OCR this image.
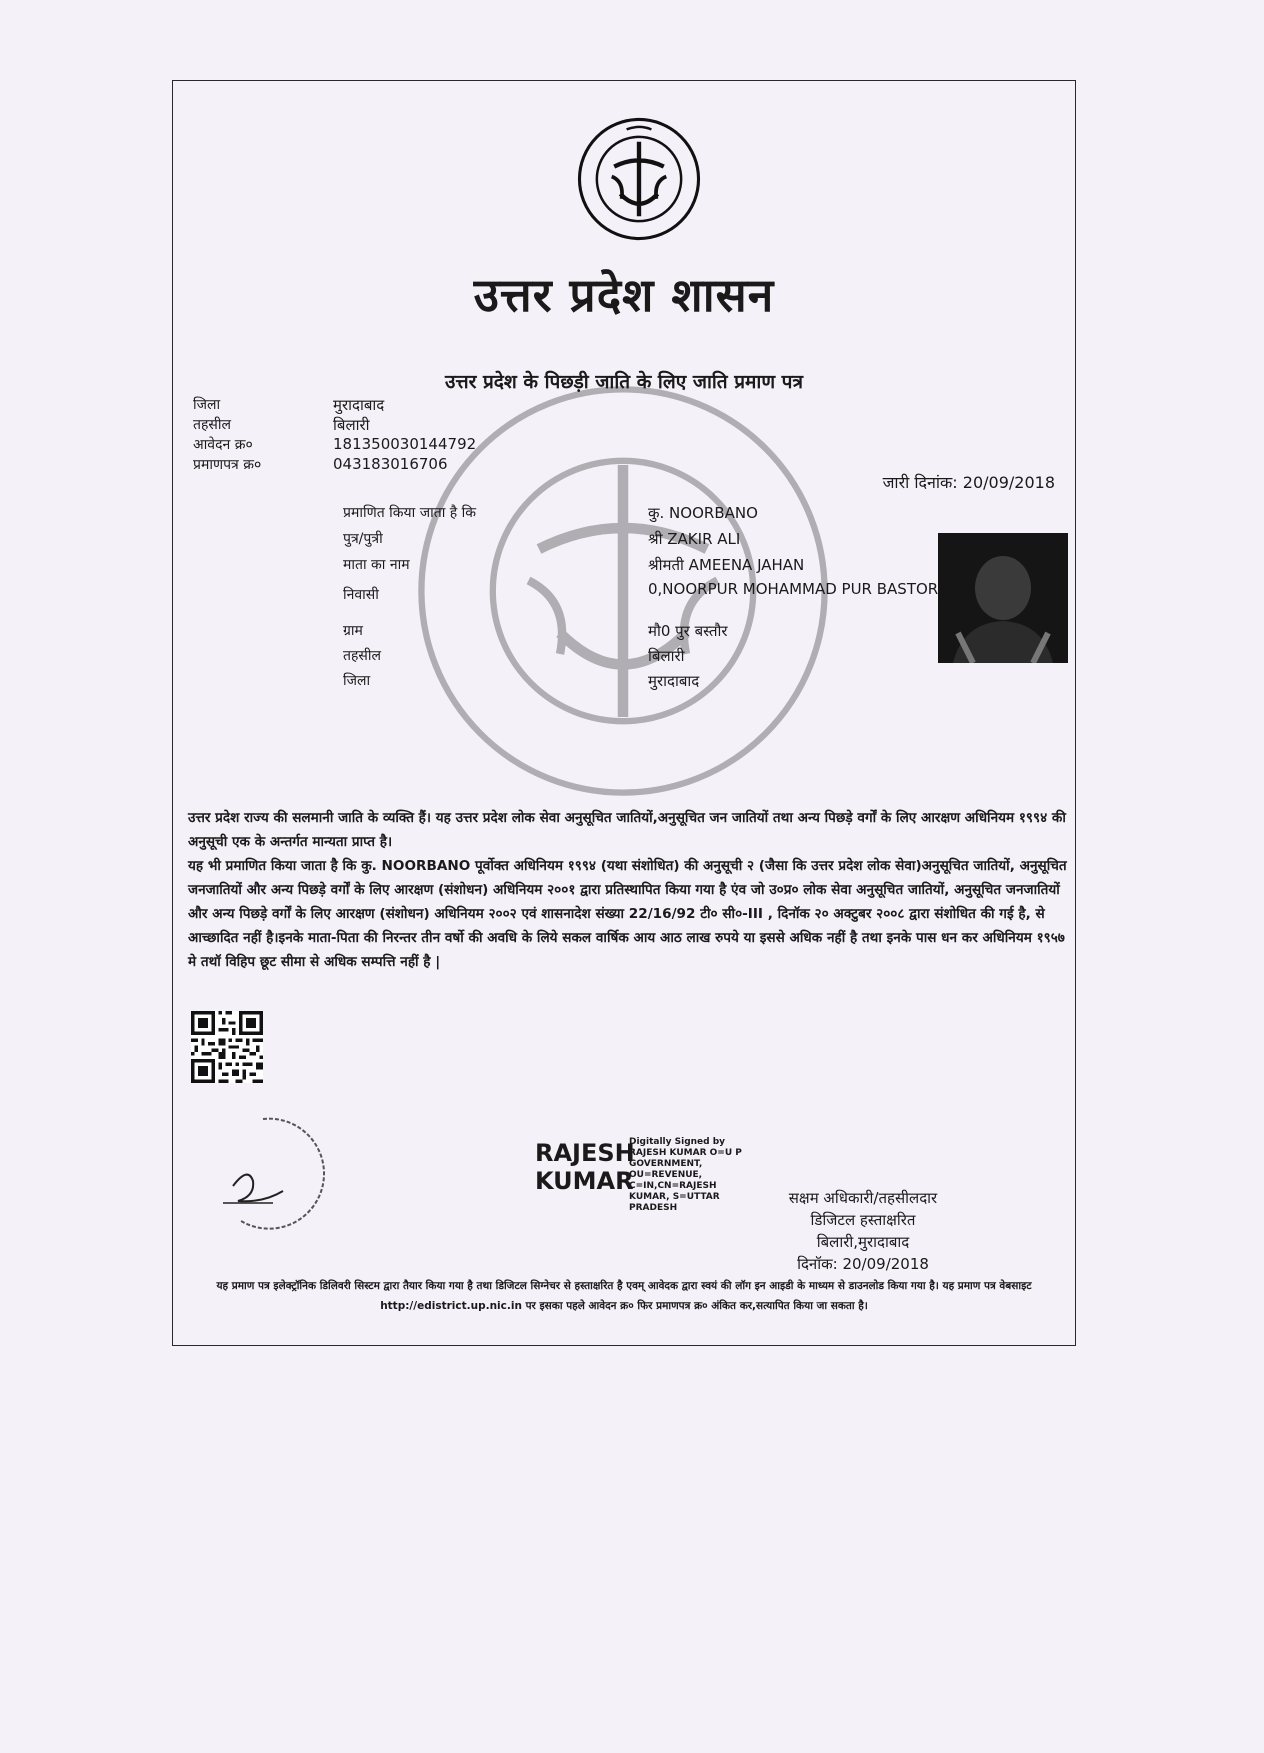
उत्तर प्रदेश शासन
उत्तर प्रदेश के पिछड़ी जाति के लिए जाति प्रमाण पत्र
जिला	मुरादाबाद
तहसील	बिलारी
आवेदन क्र०	181350030144792
प्रमाणपत्र क्र०	043183016706
जारी दिनांक: 20/09/2018
प्रमाणित किया जाता है कि	कु. NOORBANO
पुत्र/पुत्री	श्री ZAKIR ALI
माता का नाम	श्रीमती AMEENA JAHAN
निवासी	0,NOORPUR MOHAMMAD PUR BASTOR
ग्राम	मौ0 पुर बस्तौर
तहसील	बिलारी
जिला	मुरादाबाद
उत्तर प्रदेश राज्य की सलमानी जाति के व्यक्ति हैं। यह उत्तर प्रदेश लोक सेवा अनुसूचित जातियों,अनुसूचित जन जातियों तथा अन्य पिछड़े वर्गों के लिए आरक्षण अधिनियम १९९४ की अनुसूची एक के अन्तर्गत मान्यता प्राप्त है।
यह भी प्रमाणित किया जाता है कि कु. NOORBANO पूर्वोक्त अधिनियम १९९४ (यथा संशोधित) की अनुसूची २ (जैसा कि उत्तर प्रदेश लोक सेवा)अनुसूचित जातियों, अनुसूचित जनजातियों और अन्य पिछड़े वर्गों के लिए आरक्षण (संशोधन) अधिनियम २००१ द्वारा प्रतिस्थापित किया गया है एंव जो उ०प्र० लोक सेवा अनुसूचित जातियों, अनुसूचित जनजातियों और अन्य पिछड़े वर्गों के लिए आरक्षण (संशोधन) अधिनियम २००२ एवं शासनादेश संख्या 22/16/92 टी० सी०-III , दिनॉक २० अक्टुबर २००८ द्वारा संशोधित की गई है, से आच्छादित नहीं है।इनके माता-पिता की निरन्तर तीन वर्षो की अवधि के लिये सकल वार्षिक आय आठ लाख रुपये या इससे अधिक नहीं है तथा इनके पास धन कर अधिनियम १९५७ मे तथॉ विहिप छूट सीमा से अधिक सम्पत्ति नहीं है |
RAJESH
KUMAR
Digitally Signed by RAJESH KUMAR O=U P GOVERNMENT, OU=REVENUE, C=IN,CN=RAJESH KUMAR, S=UTTAR PRADESH
सक्षम अधिकारी/तहसीलदार
डिजिटल हस्ताक्षरित
बिलारी,मुरादाबाद
दिनॉक: 20/09/2018
यह प्रमाण पत्र इलेक्ट्रॉनिक डिलिवरी सिस्टम द्वारा तैयार किया गया है तथा डिजिटल सिग्नेचर से हस्ताक्षरित है एवम् आवेदक द्वारा स्वयं की लॉग इन आइडी के माध्यम से डाउनलोड किया गया है। यह प्रमाण पत्र वेबसाइट http://edistrict.up.nic.in पर इसका पहले आवेदन क्र० फिर प्रमाणपत्र क्र० अंकित कर,सत्यापित किया जा सकता है।
